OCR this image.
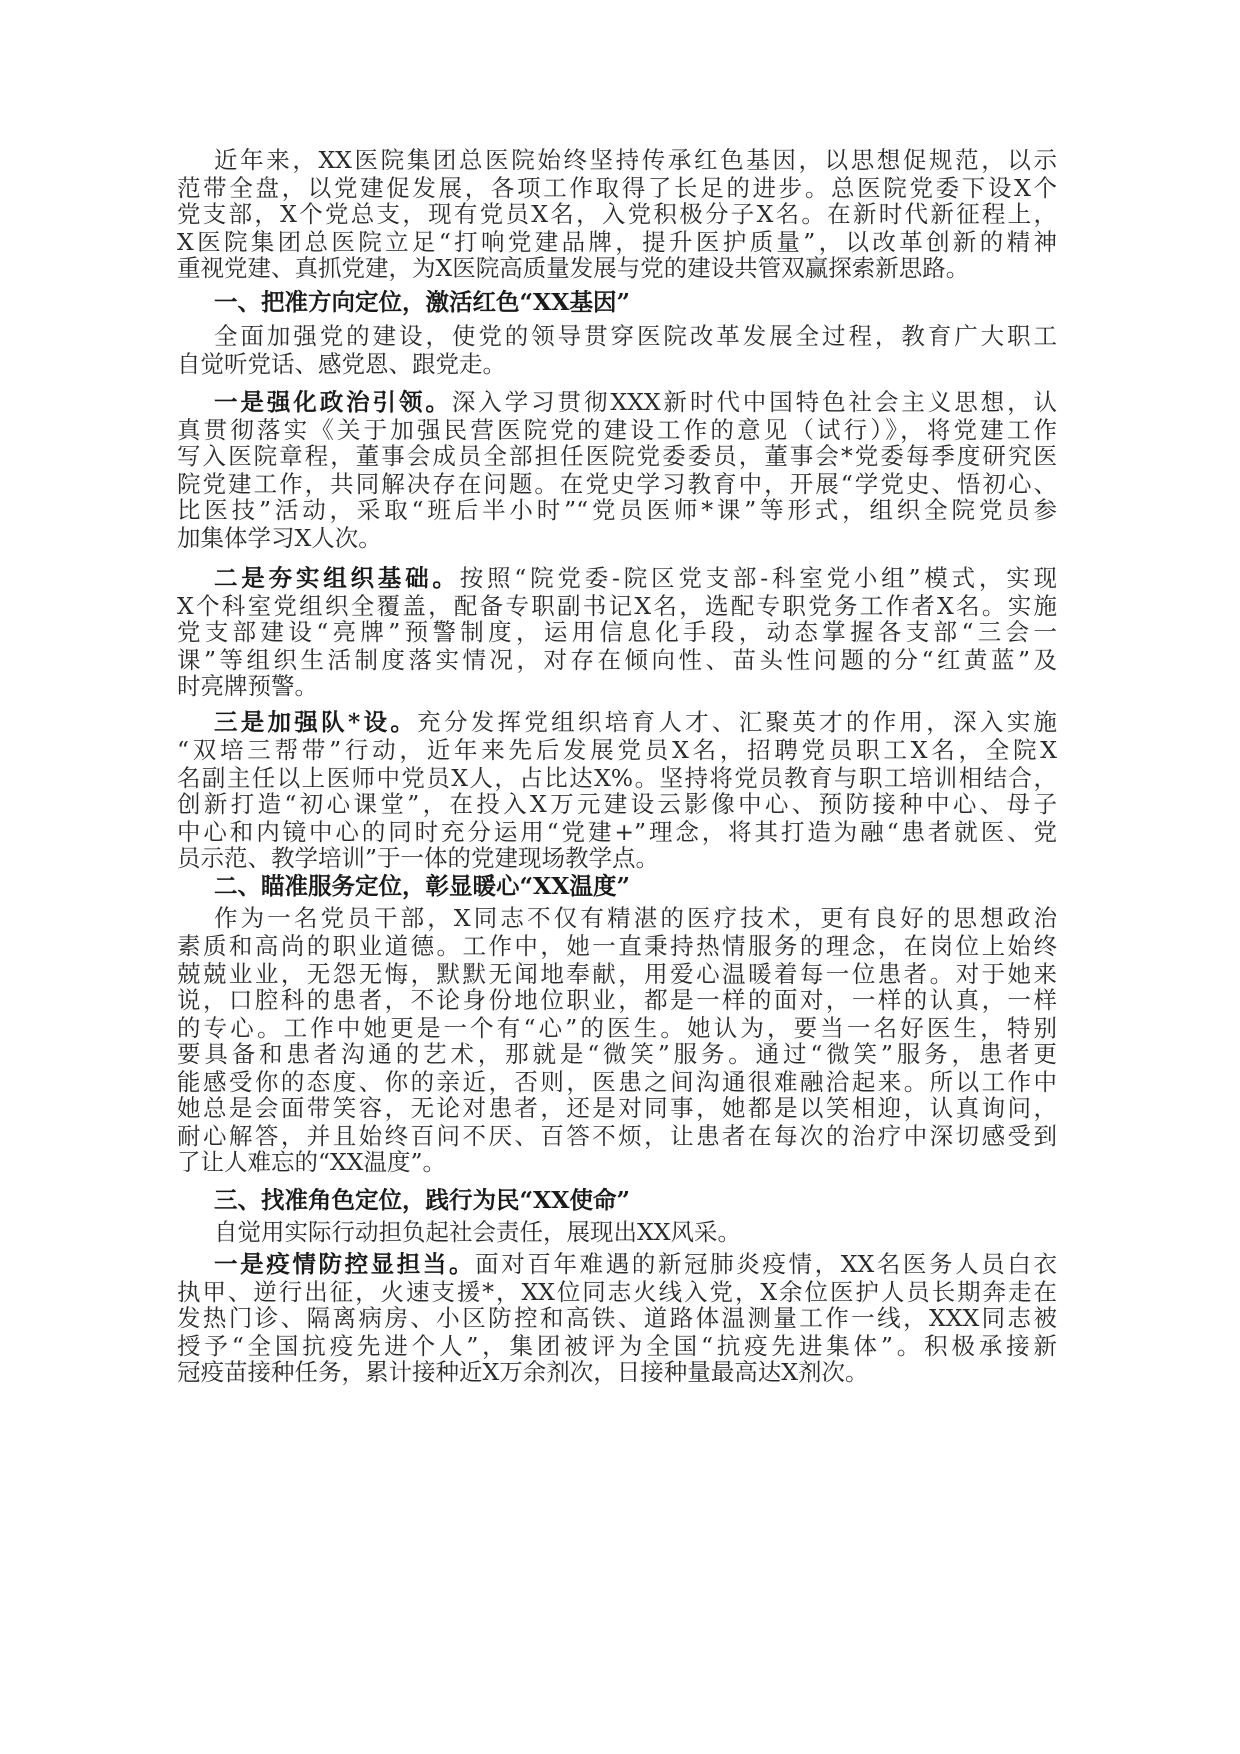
近年来，XX医院集团总医院始终坚持传承红色基因，以思想促规范，以示
范带全盘，以党建促发展，各项工作取得了长足的进步。总医院党委下设X个
党支部，X个党总支，现有党员X名，入党积极分子X名。在新时代新征程上，
X医院集团总医院立足“打响党建品牌，提升医护质量”，以改革创新的精神
重视党建、真抓党建，为X医院高质量发展与党的建设共管双赢探索新思路。
一、把准方向定位，激活红色“XX基因”
全面加强党的建设，使党的领导贯穿医院改革发展全过程，教育广大职工
自觉听党话、感党恩、跟党走。
一是强化政治引领。深入学习贯彻XXX新时代中国特色社会主义思想，认
真贯彻落实《关于加强民营医院党的建设工作的意见（试行）》，将党建工作
写入医院章程，董事会成员全部担任医院党委委员，董事会*党委每季度研究医
院党建工作，共同解决存在问题。在党史学习教育中，开展“学党史、悟初心、
比医技”活动，采取“班后半小时”“党员医师*课”等形式，组织全院党员参
加集体学习X人次。
二是夯实组织基础。按照“院党委-院区党支部-科室党小组”模式，实现
X个科室党组织全覆盖，配备专职副书记X名，选配专职党务工作者X名。实施
党支部建设“亮牌”预警制度，运用信息化手段，动态掌握各支部“三会一
课”等组织生活制度落实情况，对存在倾向性、苗头性问题的分“红黄蓝”及
时亮牌预警。
三是加强队*设。充分发挥党组织培育人才、汇聚英才的作用，深入实施
“双培三帮带”行动，近年来先后发展党员X名，招聘党员职工X名，全院X
名副主任以上医师中党员X人，占比达X%。坚持将党员教育与职工培训相结合，
创新打造“初心课堂”，在投入X万元建设云影像中心、预防接种中心、母子
中心和内镜中心的同时充分运用“党建+”理念，将其打造为融“患者就医、党
员示范、教学培训”于一体的党建现场教学点。
二、瞄准服务定位，彰显暖心“XX温度”
作为一名党员干部，X同志不仅有精湛的医疗技术，更有良好的思想政治
素质和高尚的职业道德。工作中，她一直秉持热情服务的理念，在岗位上始终
兢兢业业，无怨无悔，默默无闻地奉献，用爱心温暖着每一位患者。对于她来
说，口腔科的患者，不论身份地位职业，都是一样的面对，一样的认真，一样
的专心。工作中她更是一个有“心”的医生。她认为，要当一名好医生，特别
要具备和患者沟通的艺术，那就是“微笑”服务。通过“微笑”服务，患者更
能感受你的态度、你的亲近，否则，医患之间沟通很难融洽起来。所以工作中
她总是会面带笑容，无论对患者，还是对同事，她都是以笑相迎，认真询问，
耐心解答，并且始终百问不厌、百答不烦，让患者在每次的治疗中深切感受到
了让人难忘的“XX温度”。
三、找准角色定位，践行为民“XX使命”
自觉用实际行动担负起社会责任，展现出XX风采。
一是疫情防控显担当。面对百年难遇的新冠肺炎疫情，XX名医务人员白衣
执甲、逆行出征，火速支援*，XX位同志火线入党，X余位医护人员长期奔走在
发热门诊、隔离病房、小区防控和高铁、道路体温测量工作一线，XXX同志被
授予“全国抗疫先进个人”，集团被评为全国“抗疫先进集体”。积极承接新
冠疫苗接种任务，累计接种近X万余剂次，日接种量最高达X剂次。
